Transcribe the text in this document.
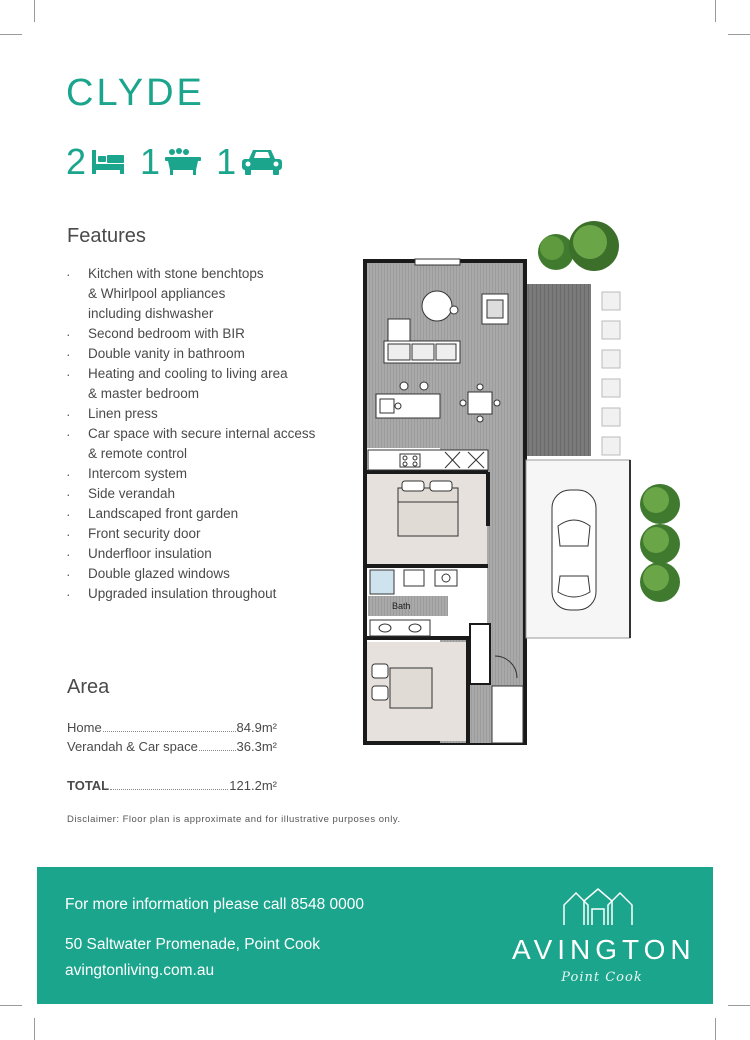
CLYDE
2 1 1
Features
· Kitchen with stone benchtops
& Whirlpool appliances
including dishwasher
· Second bedroom with BIR
· Double vanity in bathroom
· Heating and cooling to living area
& master bedroom
· Linen press
· Car space with secure internal access
& remote control
· Intercom system
· Side verandah
· Landscaped front garden
· Front security door
· Underfloor insulation
· Double glazed windows
· Upgraded insulation throughout
Area
Home	84.9m²
Verandah & Car space	36.3m²
TOTAL	121.2m²
Disclaimer: Floor plan is approximate and for illustrative purposes only.
Bath
For more information please call 8548 0000
50 Saltwater Promenade, Point Cook
avingtonliving.com.au
AVINGTON
Point Cook
